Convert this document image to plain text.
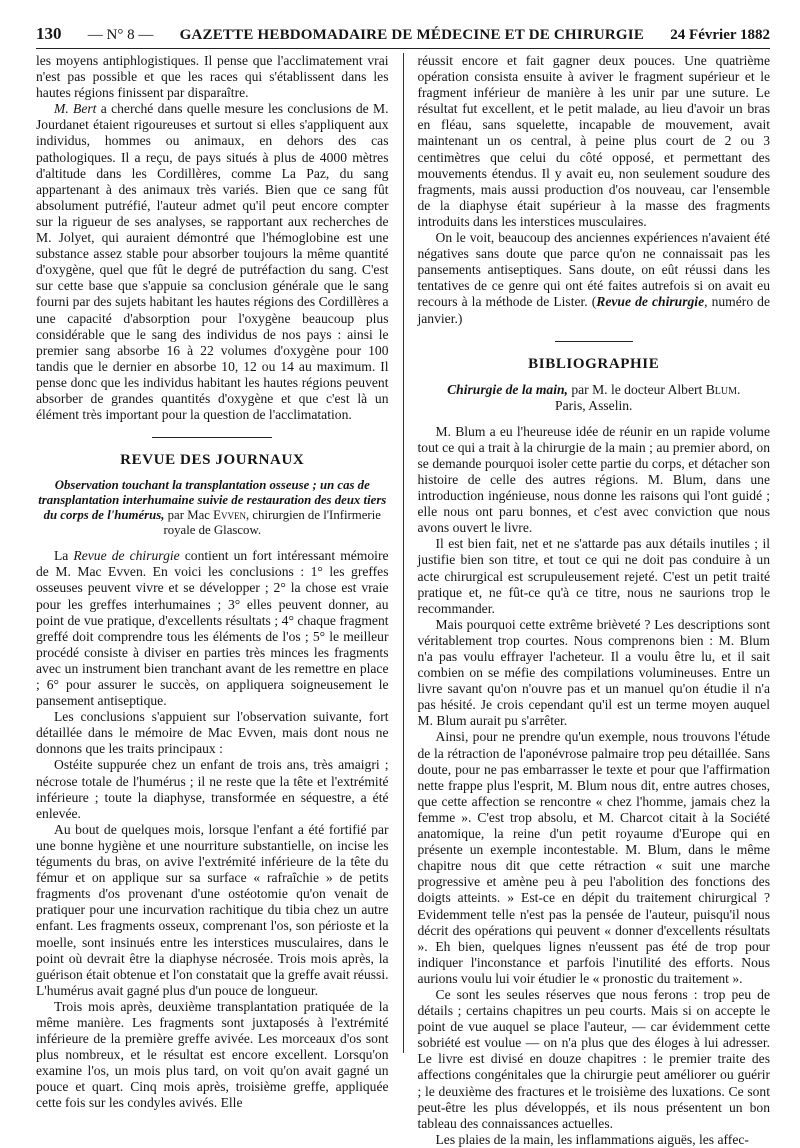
130 — N° 8 — GAZETTE HEBDOMADAIRE DE MÉDECINE ET DE CHIRURGIE 24 Février 1882

les moyens antiphlogistiques. Il pense que l'acclimatement vrai n'est pas possible et que les races qui s'établissent dans les hautes régions finissent par disparaître.

M. Bert a cherché dans quelle mesure les conclusions de M. Jourdanet étaient rigoureuses et surtout si elles s'appliquent aux individus, hommes ou animaux, en dehors des cas pathologiques. Il a reçu, de pays situés à plus de 4000 mètres d'altitude dans les Cordillères, comme La Paz, du sang appartenant à des animaux très variés. Bien que ce sang fût absolument putréfié, l'auteur admet qu'il peut encore compter sur la rigueur de ses analyses, se rapportant aux recherches de M. Jolyet, qui auraient démontré que l'hémoglobine est une substance assez stable pour absorber toujours la même quantité d'oxygène, quel que fût le degré de putréfaction du sang. C'est sur cette base que s'appuie sa conclusion générale que le sang fourni par des sujets habitant les hautes régions des Cordillères a une capacité d'absorption pour l'oxygène beaucoup plus considérable que le sang des individus de nos pays : ainsi le premier sang absorbe 16 à 22 volumes d'oxygène pour 100 tandis que le dernier en absorbe 10, 12 ou 14 au maximum. Il pense donc que les individus habitant les hautes régions peuvent absorber de grandes quantités d'oxygène et que c'est là un élément très important pour la question de l'acclimatation.

REVUE DES JOURNAUX
Observation touchant la transplantation osseuse ; un cas de transplantation interhumaine suivie de restauration des deux tiers du corps de l'humérus, par Mac Evven, chirurgien de l'Infirmerie royale de Glascow.

La Revue de chirurgie contient un fort intéressant mémoire de M. Mac Evven. En voici les conclusions : 1° les greffes osseuses peuvent vivre et se développer ; 2° la chose est vraie pour les greffes interhumaines ; 3° elles peuvent donner, au point de vue pratique, d'excellents résultats ; 4° chaque fragment greffé doit comprendre tous les éléments de l'os ; 5° le meilleur procédé consiste à diviser en parties très minces les fragments avec un instrument bien tranchant avant de les remettre en place ; 6° pour assurer le succès, on appliquera soigneusement le pansement antiseptique.

Les conclusions s'appuient sur l'observation suivante, fort détaillée dans le mémoire de Mac Evven, mais dont nous ne donnons que les traits principaux :

Ostéite suppurée chez un enfant de trois ans, très amaigri ; nécrose totale de l'humérus ; il ne reste que la tête et l'extrémité inférieure ; toute la diaphyse, transformée en séquestre, a été enlevée.

Au bout de quelques mois, lorsque l'enfant a été fortifié par une bonne hygiène et une nourriture substantielle, on incise les téguments du bras, on avive l'extrémité inférieure de la tête du fémur et on applique sur sa surface « rafraîchie » de petits fragments d'os provenant d'une ostéotomie qu'on venait de pratiquer pour une incurvation rachitique du tibia chez un autre enfant. Les fragments osseux, comprenant l'os, son périoste et la moelle, sont insinués entre les interstices musculaires, dans le point où devrait être la diaphyse nécrosée. Trois mois après, la guérison était obtenue et l'on constatait que la greffe avait réussi. L'humérus avait gagné plus d'un pouce de longueur.

Trois mois après, deuxième transplantation pratiquée de la même manière. Les fragments sont juxtaposés à l'extrémité inférieure de la première greffe avivée. Les morceaux d'os sont plus nombreux, et le résultat est encore excellent. Lorsqu'on examine l'os, un mois plus tard, on voit qu'on avait gagné un pouce et quart. Cinq mois après, troisième greffe, appliquée cette fois sur les condyles avivés. Elle

réussit encore et fait gagner deux pouces. Une quatrième opération consista ensuite à aviver le fragment supérieur et le fragment inférieur de manière à les unir par une suture. Le résultat fut excellent, et le petit malade, au lieu d'avoir un bras en fléau, sans squelette, incapable de mouvement, avait maintenant un os central, à peine plus court de 2 ou 3 centimètres que celui du côté opposé, et permettant des mouvements étendus. Il y avait eu, non seulement soudure des fragments, mais aussi production d'os nouveau, car l'ensemble de la diaphyse était supérieur à la masse des fragments introduits dans les interstices musculaires.

On le voit, beaucoup des anciennes expériences n'avaient été négatives sans doute que parce qu'on ne connaissait pas les pansements antiseptiques. Sans doute, on eût réussi dans les tentatives de ce genre qui ont été faites autrefois si on avait eu recours à la méthode de Lister. (Revue de chirurgie, numéro de janvier.)

BIBLIOGRAPHIE
Chirurgie de la main, par M. le docteur Albert Blum.
Paris, Asselin.

M. Blum a eu l'heureuse idée de réunir en un rapide volume tout ce qui a trait à la chirurgie de la main ; au premier abord, on se demande pourquoi isoler cette partie du corps, et détacher son histoire de celle des autres régions. M. Blum, dans une introduction ingénieuse, nous donne les raisons qui l'ont guidé ; elle nous ont paru bonnes, et c'est avec conviction que nous avons ouvert le livre.

Il est bien fait, net et ne s'attarde pas aux détails inutiles ; il justifie bien son titre, et tout ce qui ne doit pas conduire à un acte chirurgical est scrupuleusement rejeté. C'est un petit traité pratique et, ne fût-ce qu'à ce titre, nous ne saurions trop le recommander.

Mais pourquoi cette extrême brièveté ? Les descriptions sont véritablement trop courtes. Nous comprenons bien : M. Blum n'a pas voulu effrayer l'acheteur. Il a voulu être lu, et il sait combien on se méfie des compilations volumineuses. Entre un livre savant qu'on n'ouvre pas et un manuel qu'on étudie il n'a pas hésité. Je crois cependant qu'il est un terme moyen auquel M. Blum aurait pu s'arrêter.

Ainsi, pour ne prendre qu'un exemple, nous trouvons l'étude de la rétraction de l'aponévrose palmaire trop peu détaillée. Sans doute, pour ne pas embarrasser le texte et pour que l'affirmation nette frappe plus l'esprit, M. Blum nous dit, entre autres choses, que cette affection se rencontre « chez l'homme, jamais chez la femme ». C'est trop absolu, et M. Charcot citait à la Société anatomique, la reine d'un petit royaume d'Europe qui en présente un exemple incontestable. M. Blum, dans le même chapitre nous dit que cette rétraction « suit une marche progressive et amène peu à peu l'abolition des fonctions des doigts atteints. » Est-ce en dépit du traitement chirurgical ? Evidemment telle n'est pas la pensée de l'auteur, puisqu'il nous décrit des opérations qui peuvent « donner d'excellents résultats ». Eh bien, quelques lignes n'eussent pas été de trop pour indiquer l'inconstance et parfois l'inutilité des efforts. Nous aurions voulu lui voir étudier le « pronostic du traitement ».

Ce sont les seules réserves que nous ferons : trop peu de détails ; certains chapitres un peu courts. Mais si on accepte le point de vue auquel se place l'auteur, — car évidemment cette sobriété est voulue — on n'a plus que des éloges à lui adresser. Le livre est divisé en douze chapitres : le premier traite des affections congénitales que la chirurgie peut améliorer ou guérir ; le deuxième des fractures et le troisième des luxations. Ce sont peut-être les plus développés, et ils nous présentent un bon tableau des connaissances actuelles.

Les plaies de la main, les inflammations aiguës, les affec-
